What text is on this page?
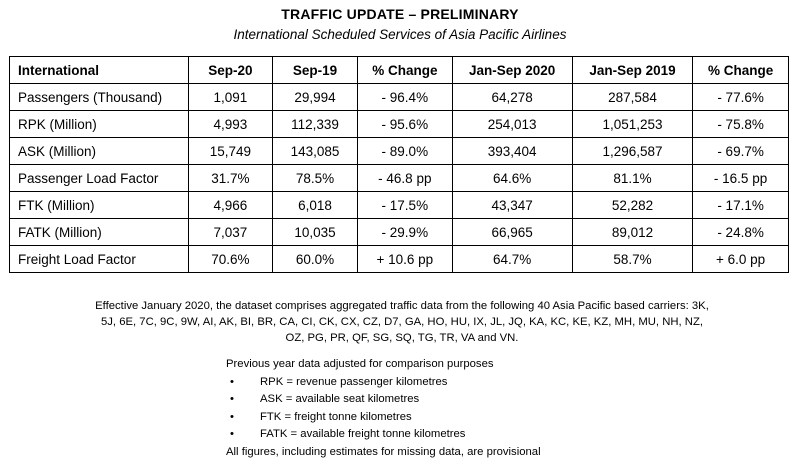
TRAFFIC UPDATE – PRELIMINARY
International Scheduled Services of Asia Pacific Airlines
International	Sep-20	Sep-19	% Change	Jan-Sep 2020	Jan-Sep 2019	% Change
Passengers (Thousand)	1,091	29,994	- 96.4%	64,278	287,584	- 77.6%
RPK (Million)	4,993	112,339	- 95.6%	254,013	1,051,253	- 75.8%
ASK (Million)	15,749	143,085	- 89.0%	393,404	1,296,587	- 69.7%
Passenger Load Factor	31.7%	78.5%	- 46.8 pp	64.6%	81.1%	- 16.5 pp
FTK (Million)	4,966	6,018	- 17.5%	43,347	52,282	- 17.1%
FATK (Million)	7,037	10,035	- 29.9%	66,965	89,012	- 24.8%
Freight Load Factor	70.6%	60.0%	+ 10.6 pp	64.7%	58.7%	+ 6.0 pp
Effective January 2020, the dataset comprises aggregated traffic data from the following 40 Asia Pacific based carriers: 3K,
5J, 6E, 7C, 9C, 9W, AI, AK, BI, BR, CA, CI, CK, CX, CZ, D7, GA, HO, HU, IX, JL, JQ, KA, KC, KE, KZ, MH, MU, NH, NZ,
OZ, PG, PR, QF, SG, SQ, TG, TR, VA and VN.
Previous year data adjusted for comparison purposes
• RPK = revenue passenger kilometres
• ASK = available seat kilometres
• FTK = freight tonne kilometres
• FATK = available freight tonne kilometres
All figures, including estimates for missing data, are provisional
